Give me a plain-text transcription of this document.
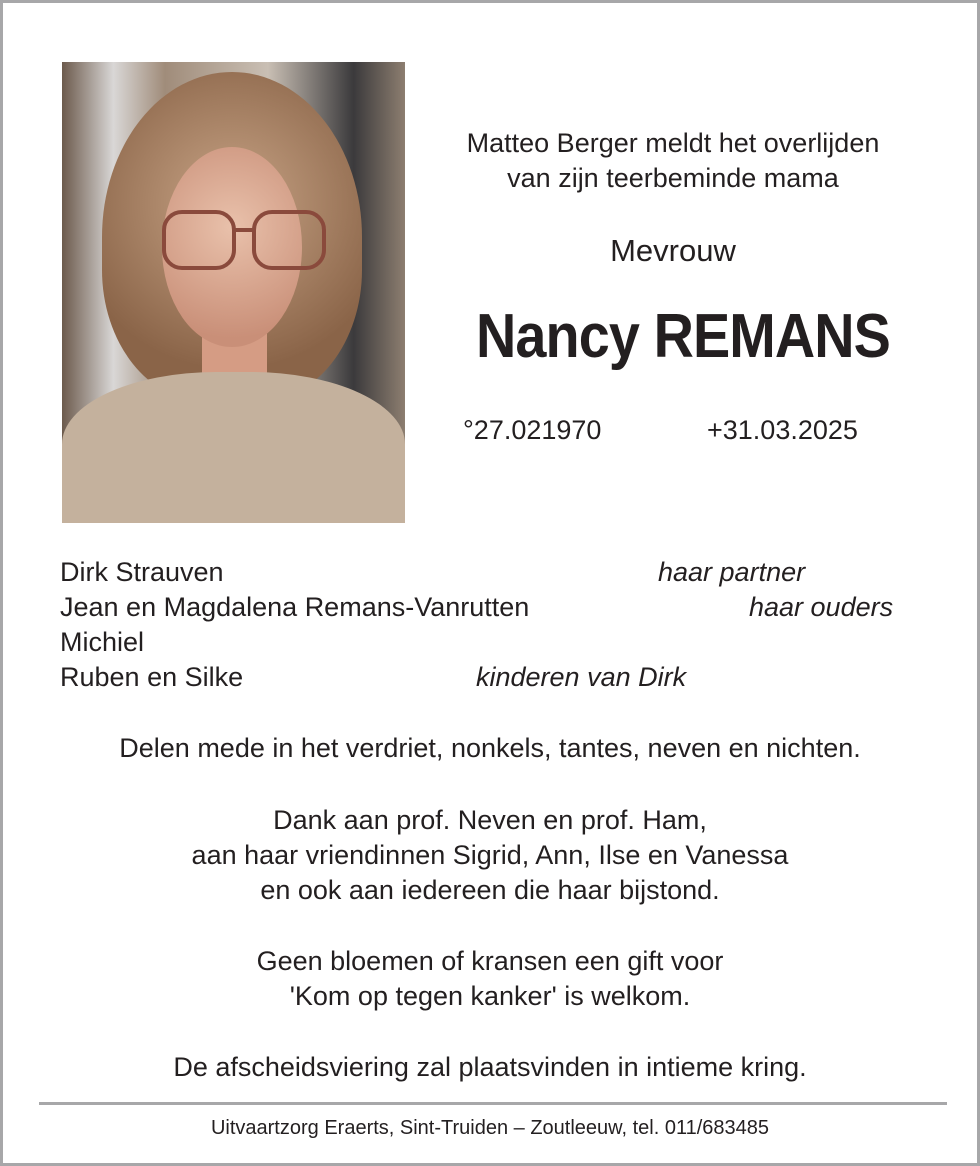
Matteo Berger meldt het overlijden
van zijn teerbeminde mama
Mevrouw
Nancy REMANS
°27.021970	+31.03.2025
Dirk Strauven	haar partner
Jean en Magdalena Remans-Vanrutten	haar ouders
Michiel
Ruben en Silke	kinderen van Dirk
Delen mede in het verdriet, nonkels, tantes, neven en nichten.
Dank aan prof. Neven en prof. Ham,
aan haar vriendinnen Sigrid, Ann, Ilse en Vanessa
en ook aan iedereen die haar bijstond.
Geen bloemen of kransen een gift voor
'Kom op tegen kanker' is welkom.
De afscheidsviering zal plaatsvinden in intieme kring.
Uitvaartzorg Eraerts, Sint-Truiden – Zoutleeuw, tel. 011/683485
